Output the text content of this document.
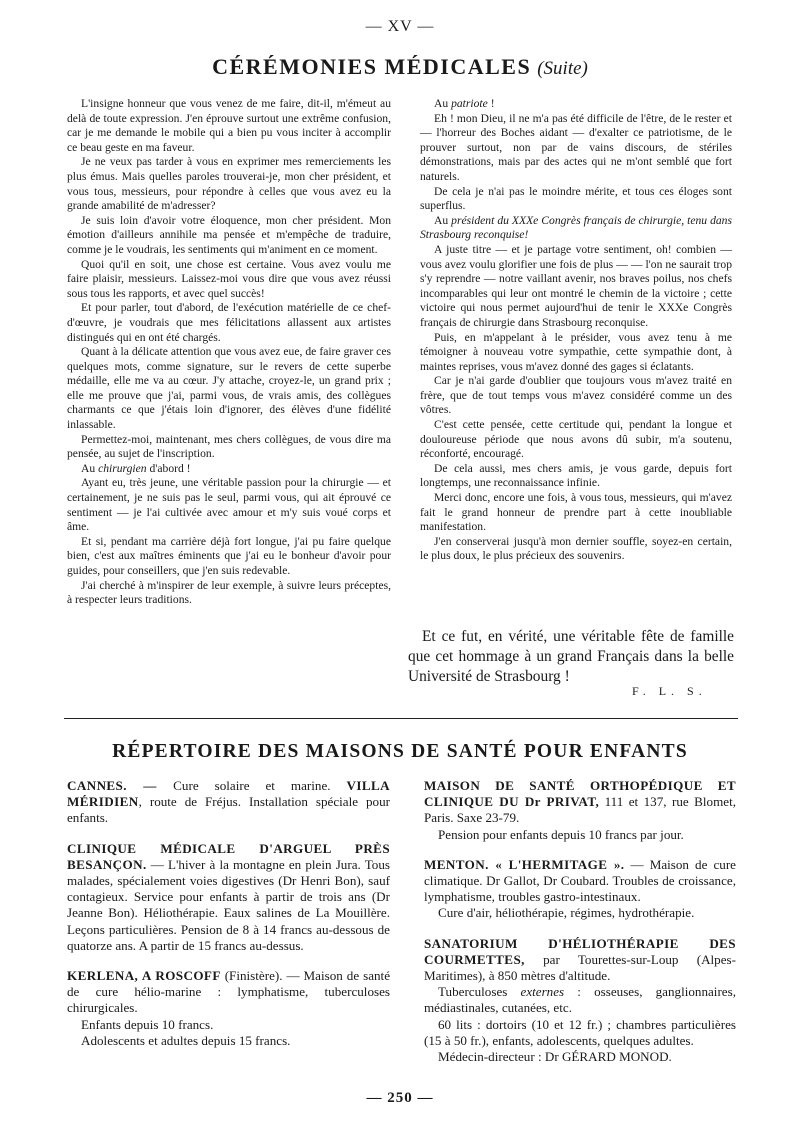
— XV —
CÉRÉMONIES MÉDICALES (Suite)

L'insigne honneur que vous venez de me faire, dit-il, m'émeut au delà de toute expression. J'en éprouve surtout une extrême confusion, car je me demande le mobile qui a bien pu vous inciter à accomplir ce beau geste en ma faveur.

Je ne veux pas tarder à vous en exprimer mes remerciements les plus émus. Mais quelles paroles trouverai-je, mon cher président, et vous tous, messieurs, pour répondre à celles que vous avez eu la grande amabilité de m'adresser?

Je suis loin d'avoir votre éloquence, mon cher président. Mon émotion d'ailleurs annihile ma pensée et m'empêche de traduire, comme je le voudrais, les sentiments qui m'animent en ce moment.

Quoi qu'il en soit, une chose est certaine. Vous avez voulu me faire plaisir, messieurs. Laissez-moi vous dire que vous avez réussi sous tous les rapports, et avec quel succès!

Et pour parler, tout d'abord, de l'exécution matérielle de ce chef-d'œuvre, je voudrais que mes félicitations allassent aux artistes distingués qui en ont été chargés.

Quant à la délicate attention que vous avez eue, de faire graver ces quelques mots, comme signature, sur le revers de cette superbe médaille, elle me va au cœur. J'y attache, croyez-le, un grand prix ; elle me prouve que j'ai, parmi vous, de vrais amis, des collègues charmants ce que j'étais loin d'ignorer, des élèves d'une fidélité inlassable.

Permettez-moi, maintenant, mes chers collègues, de vous dire ma pensée, au sujet de l'inscription.

Au chirurgien d'abord !

Ayant eu, très jeune, une véritable passion pour la chirurgie — et certainement, je ne suis pas le seul, parmi vous, qui ait éprouvé ce sentiment — je l'ai cultivée avec amour et m'y suis voué corps et âme.

Et si, pendant ma carrière déjà fort longue, j'ai pu faire quelque bien, c'est aux maîtres éminents que j'ai eu le bonheur d'avoir pour guides, pour conseillers, que j'en suis redevable.

J'ai cherché à m'inspirer de leur exemple, à suivre leurs préceptes, à respecter leurs traditions.

Au patriote !

Eh ! mon Dieu, il ne m'a pas été difficile de l'être, de le rester et — l'horreur des Boches aidant — d'exalter ce patriotisme, de le prouver surtout, non par de vains discours, de stériles démonstrations, mais par des actes qui ne m'ont semblé que fort naturels.

De cela je n'ai pas le moindre mérite, et tous ces éloges sont superflus.

Au président du XXXe Congrès français de chirurgie, tenu dans Strasbourg reconquise!

A juste titre — et je partage votre sentiment, oh! combien — vous avez voulu glorifier une fois de plus — — l'on ne saurait trop s'y reprendre — notre vaillant avenir, nos braves poilus, nos chefs incomparables qui leur ont montré le chemin de la victoire ; cette victoire qui nous permet aujourd'hui de tenir le XXXe Congrès français de chirurgie dans Strasbourg reconquise.

Puis, en m'appelant à le présider, vous avez tenu à me témoigner à nouveau votre sympathie, cette sympathie dont, à maintes reprises, vous m'avez donné des gages si éclatants.

Car je n'ai garde d'oublier que toujours vous m'avez traité en frère, que de tout temps vous m'avez considéré comme un des vôtres.

C'est cette pensée, cette certitude qui, pendant la longue et douloureuse période que nous avons dû subir, m'a soutenu, réconforté, encouragé.

De cela aussi, mes chers amis, je vous garde, depuis fort longtemps, une reconnaissance infinie.

Merci donc, encore une fois, à vous tous, messieurs, qui m'avez fait le grand honneur de prendre part à cette inoubliable manifestation.

J'en conserverai jusqu'à mon dernier souffle, soyez-en certain, le plus doux, le plus précieux des souvenirs.

Et ce fut, en vérité, une véritable fête de famille que cet hommage à un grand Français dans la belle Université de Strasbourg !
F. L. S.
RÉPERTOIRE DES MAISONS DE SANTÉ POUR ENFANTS

CANNES. — Cure solaire et marine. VILLA MÉRIDIEN, route de Fréjus. Installation spéciale pour enfants.

CLINIQUE MÉDICALE D'ARGUEL PRÈS BESANÇON. — L'hiver à la montagne en plein Jura. Tous malades, spécialement voies digestives (Dr Henri Bon), sauf contagieux. Service pour enfants à partir de trois ans (Dr Jeanne Bon). Héliothérapie. Eaux salines de La Mouillère. Leçons particulières. Pension de 8 à 14 francs au-dessous de quatorze ans. A partir de 15 francs au-dessus.

KERLENA, A ROSCOFF (Finistère). — Maison de santé de cure hélio-marine : lymphatisme, tuberculoses chirurgicales.

Enfants depuis 10 francs.

Adolescents et adultes depuis 15 francs.

MAISON DE SANTÉ ORTHOPÉDIQUE ET CLINIQUE DU Dr PRIVAT, 111 et 137, rue Blomet, Paris. Saxe 23-79.

Pension pour enfants depuis 10 francs par jour.

MENTON. « L'HERMITAGE ». — Maison de cure climatique. Dr Gallot, Dr Coubard. Troubles de croissance, lymphatisme, troubles gastro-intestinaux.

Cure d'air, héliothérapie, régimes, hydrothérapie.

SANATORIUM D'HÉLIOTHÉRAPIE DES COURMETTES, par Tourettes-sur-Loup (Alpes-Maritimes), à 850 mètres d'altitude.

Tuberculoses externes : osseuses, ganglionnaires, médiastinales, cutanées, etc.

60 lits : dortoirs (10 et 12 fr.) ; chambres particulières (15 à 50 fr.), enfants, adolescents, quelques adultes.

Médecin-directeur : Dr GÉRARD MONOD.

— 250 —
